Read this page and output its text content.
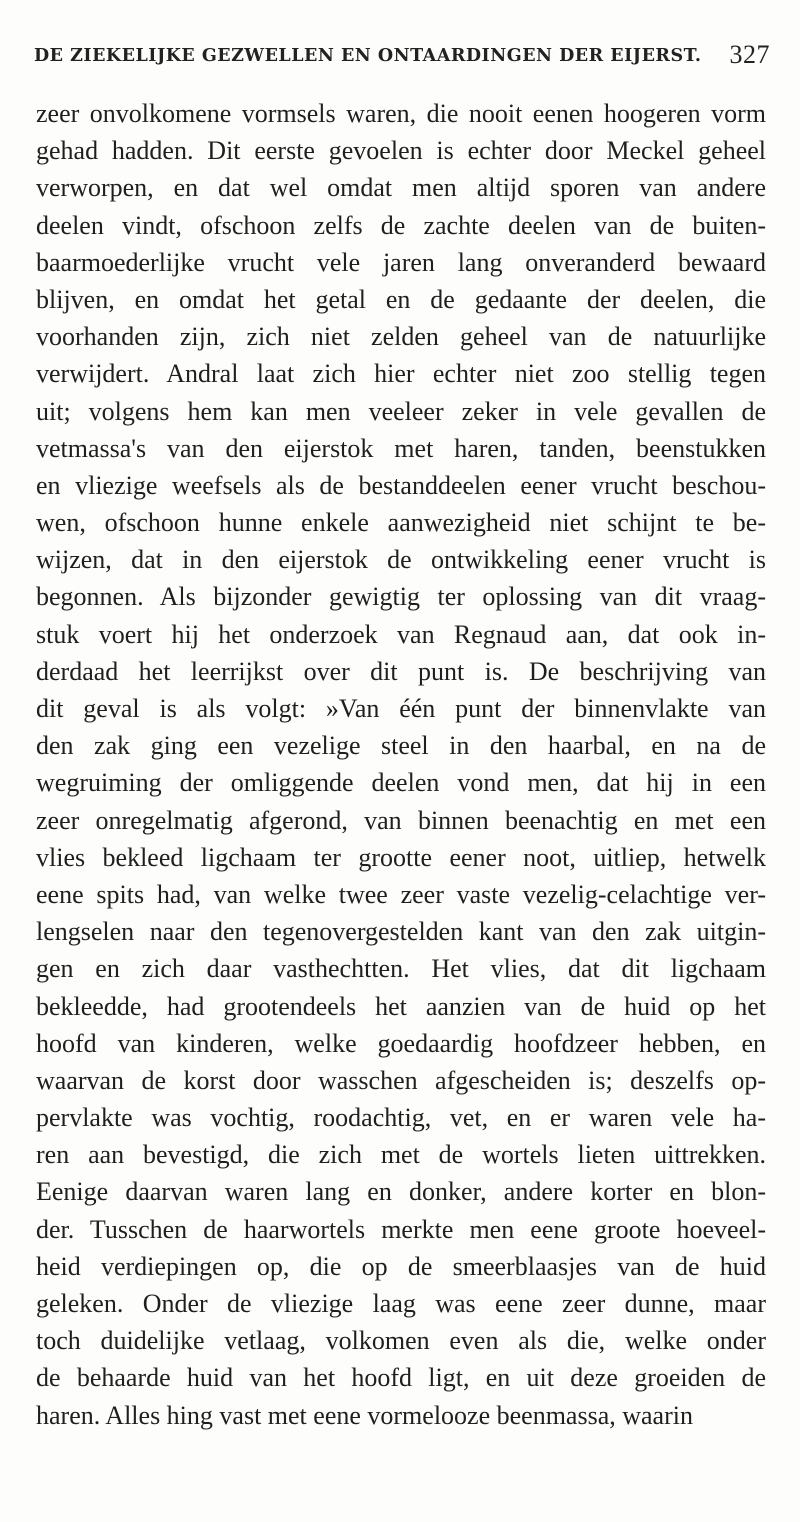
DE ZIEKELIJKE GEZWELLEN EN ONTAARDINGEN DER EIJERST. 327
zeer onvolkomene vormsels waren, die nooit eenen hoogeren vorm
gehad hadden. Dit eerste gevoelen is echter door Meckel geheel
verworpen, en dat wel omdat men altijd sporen van andere
deelen vindt, ofschoon zelfs de zachte deelen van de buiten-
baarmoederlijke vrucht vele jaren lang onveranderd bewaard
blijven, en omdat het getal en de gedaante der deelen, die
voorhanden zijn, zich niet zelden geheel van de natuurlijke
verwijdert. Andral laat zich hier echter niet zoo stellig tegen
uit; volgens hem kan men veeleer zeker in vele gevallen de
vetmassa's van den eijerstok met haren, tanden, beenstukken
en vliezige weefsels als de bestanddeelen eener vrucht beschou-
wen, ofschoon hunne enkele aanwezigheid niet schijnt te be-
wijzen, dat in den eijerstok de ontwikkeling eener vrucht is
begonnen. Als bijzonder gewigtig ter oplossing van dit vraag-
stuk voert hij het onderzoek van Regnaud aan, dat ook in-
derdaad het leerrijkst over dit punt is. De beschrijving van
dit geval is als volgt: »Van één punt der binnenvlakte van
den zak ging een vezelige steel in den haarbal, en na de
wegruiming der omliggende deelen vond men, dat hij in een
zeer onregelmatig afgerond, van binnen beenachtig en met een
vlies bekleed ligchaam ter grootte eener noot, uitliep, hetwelk
eene spits had, van welke twee zeer vaste vezelig-celachtige ver-
lengselen naar den tegenovergestelden kant van den zak uitgin-
gen en zich daar vasthechtten. Het vlies, dat dit ligchaam
bekleedde, had grootendeels het aanzien van de huid op het
hoofd van kinderen, welke goedaardig hoofdzeer hebben, en
waarvan de korst door wasschen afgescheiden is; deszelfs op-
pervlakte was vochtig, roodachtig, vet, en er waren vele ha-
ren aan bevestigd, die zich met de wortels lieten uittrekken.
Eenige daarvan waren lang en donker, andere korter en blon-
der. Tusschen de haarwortels merkte men eene groote hoeveel-
heid verdiepingen op, die op de smeerblaasjes van de huid
geleken. Onder de vliezige laag was eene zeer dunne, maar
toch duidelijke vetlaag, volkomen even als die, welke onder
de behaarde huid van het hoofd ligt, en uit deze groeiden de
haren. Alles hing vast met eene vormelooze beenmassa, waarin
